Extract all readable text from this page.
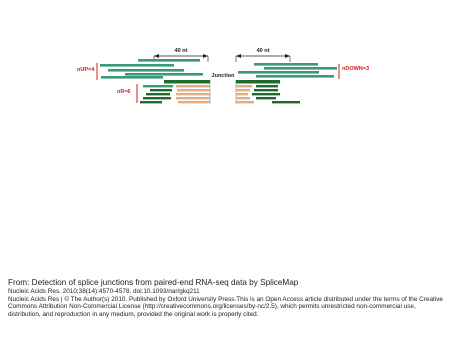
40 nt	40 nt
nUP=4	nDOWN=3
Junction
nR=6
From: Detection of splice junctions from paired-end RNA-seq data by SpliceMap
Nucleic Acids Res. 2010;38(14):4570-4578. doi:10.1093/nar/gkq211
Nucleic Acids Res | © The Author(s) 2010. Published by Oxford University Press.This is an Open Access article distributed under the terms of the Creative Commons Attribution Non-Commercial License (http://creativecommons.org/licenses/by-nc/2.5), which permits unrestricted non-commercial use, distribution, and reproduction in any medium, provided the original work is properly cited.
